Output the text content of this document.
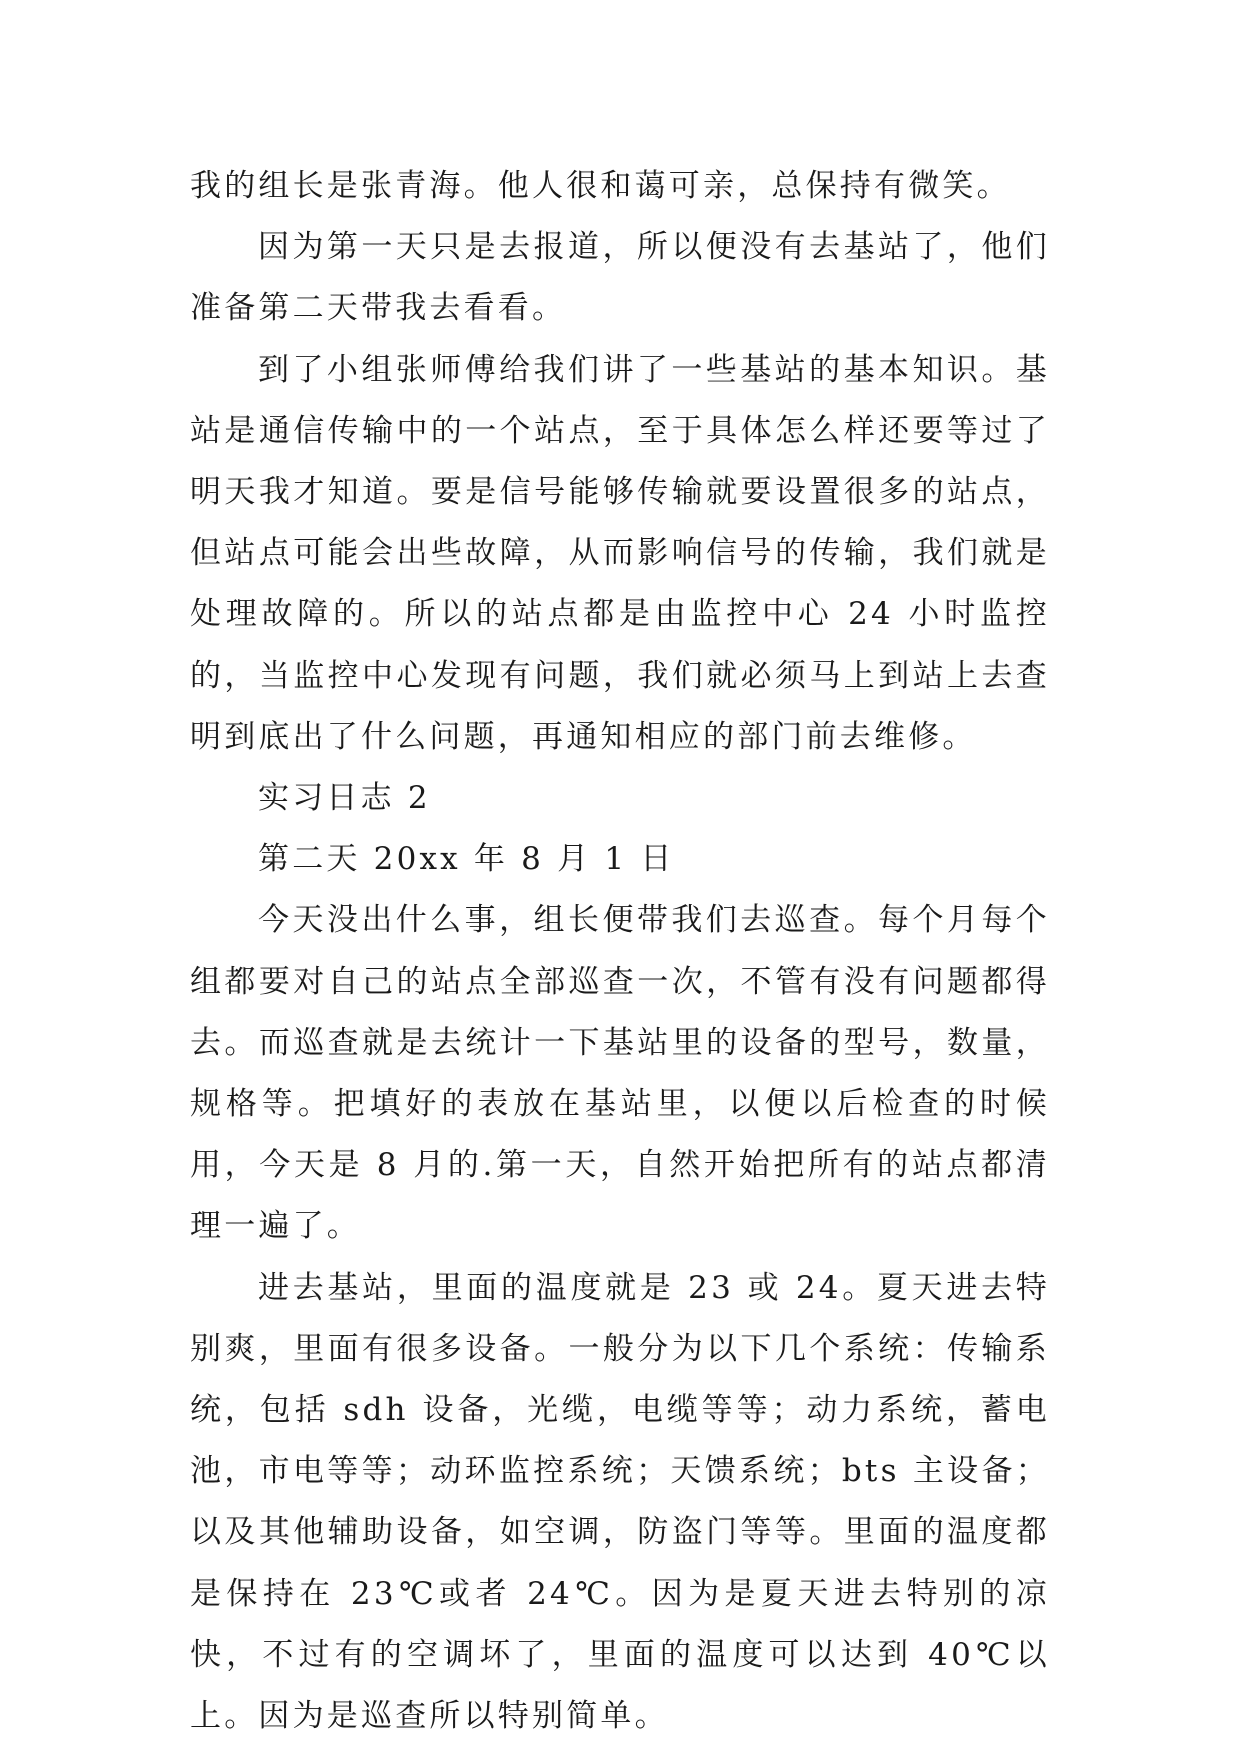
我的组长是张青海。他人很和蔼可亲，总保持有微笑。

因为第一天只是去报道，所以便没有去基站了，他们准备第二天带我去看看。

到了小组张师傅给我们讲了一些基站的基本知识。基站是通信传输中的一个站点，至于具体怎么样还要等过了明天我才知道。要是信号能够传输就要设置很多的站点，但站点可能会出些故障，从而影响信号的传输，我们就是处理故障的。所以的站点都是由监控中心 24 小时监控的，当监控中心发现有问题，我们就必须马上到站上去查明到底出了什么问题，再通知相应的部门前去维修。

实习日志 2

第二天 20xx 年 8 月 1 日

今天没出什么事，组长便带我们去巡查。每个月每个组都要对自己的站点全部巡查一次，不管有没有问题都得去。而巡查就是去统计一下基站里的设备的型号，数量，规格等。把填好的表放在基站里，以便以后检查的时候用，今天是 8 月的.第一天，自然开始把所有的站点都清理一遍了。

进去基站，里面的温度就是 23 或 24。夏天进去特别爽，里面有很多设备。一般分为以下几个系统：传输系统，包括 sdh 设备，光缆，电缆等等；动力系统，蓄电池，市电等等；动环监控系统；天馈系统；bts 主设备；以及其他辅助设备，如空调，防盗门等等。里面的温度都是保持在 23℃或者 24℃。因为是夏天进去特别的凉快，不过有的空调坏了，里面的温度可以达到 40℃以上。因为是巡查所以特别简单。
